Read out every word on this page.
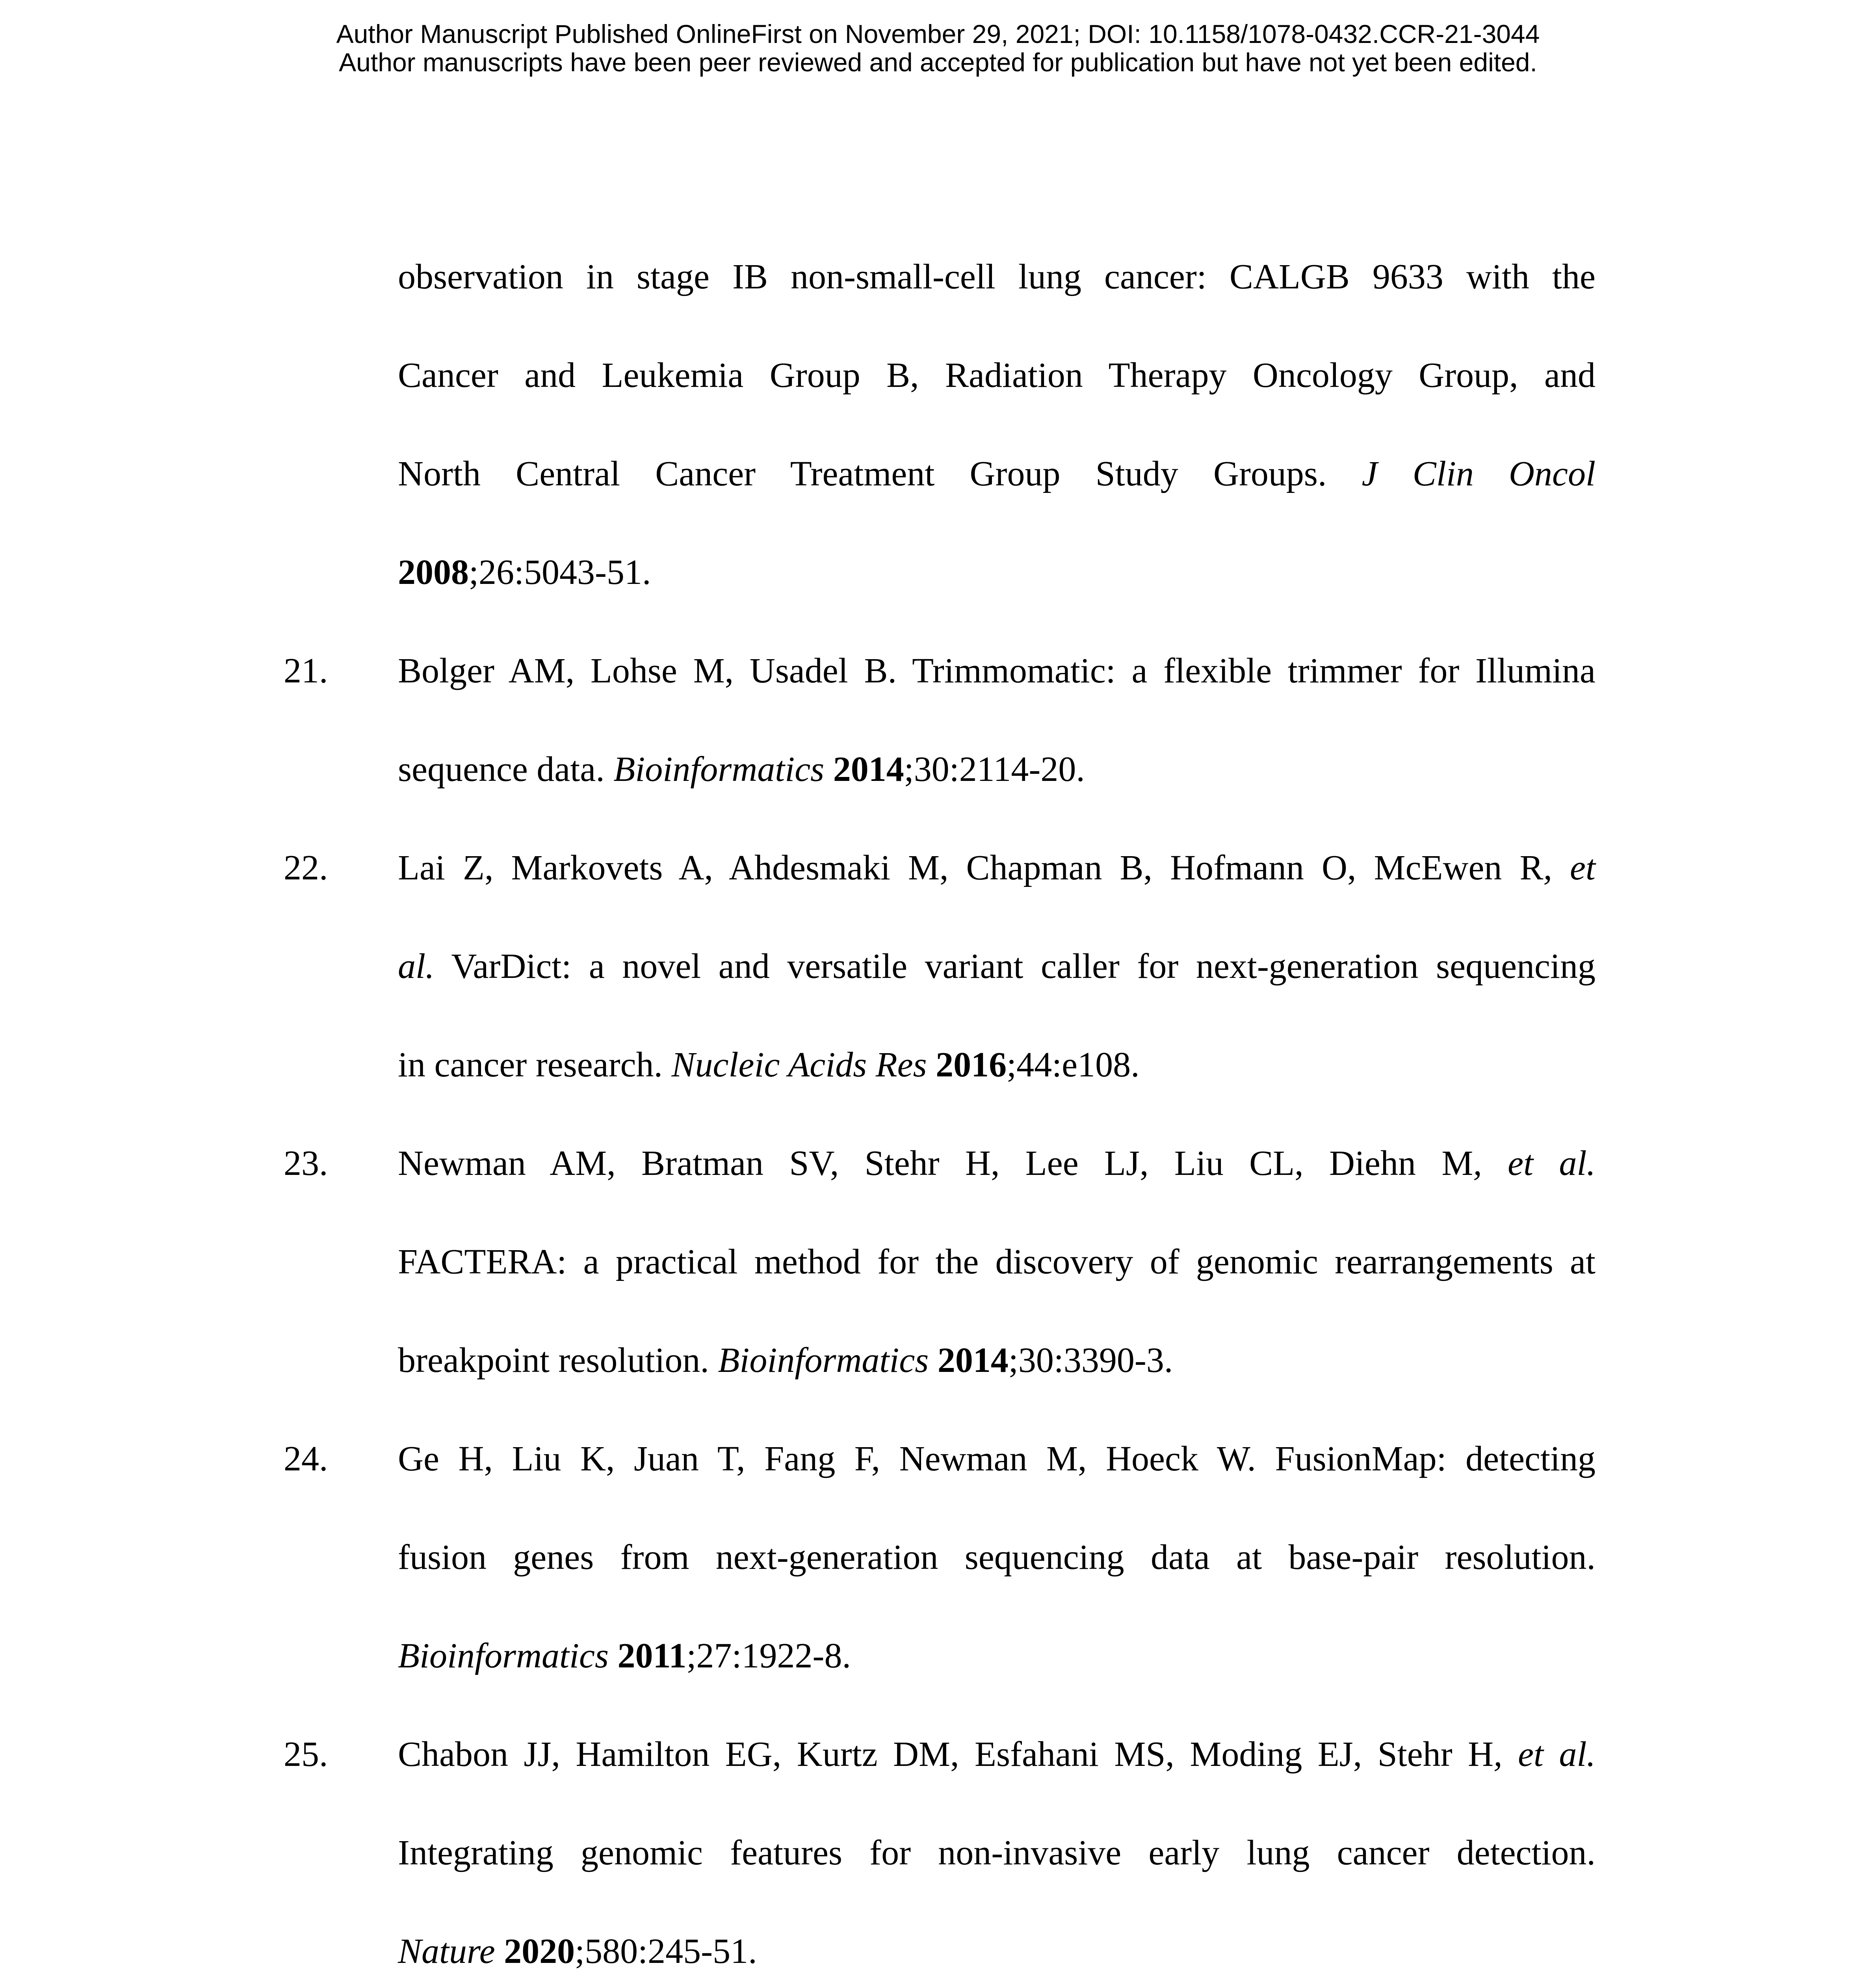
Author Manuscript Published OnlineFirst on November 29, 2021; DOI: 10.1158/1078-0432.CCR-21-3044
Author manuscripts have been peer reviewed and accepted for publication but have not yet been edited.
observation in stage IB non-small-cell lung cancer: CALGB 9633 with the
Cancer and Leukemia Group B, Radiation Therapy Oncology Group, and
North Central Cancer Treatment Group Study Groups. J Clin Oncol
2008;26:5043-51.
21. Bolger AM, Lohse M, Usadel B. Trimmomatic: a flexible trimmer for Illumina
sequence data. Bioinformatics 2014;30:2114-20.
22. Lai Z, Markovets A, Ahdesmaki M, Chapman B, Hofmann O, McEwen R, et
al. VarDict: a novel and versatile variant caller for next-generation sequencing
in cancer research. Nucleic Acids Res 2016;44:e108.
23. Newman AM, Bratman SV, Stehr H, Lee LJ, Liu CL, Diehn M, et al.
FACTERA: a practical method for the discovery of genomic rearrangements at
breakpoint resolution. Bioinformatics 2014;30:3390-3.
24. Ge H, Liu K, Juan T, Fang F, Newman M, Hoeck W. FusionMap: detecting
fusion genes from next-generation sequencing data at base-pair resolution.
Bioinformatics 2011;27:1922-8.
25. Chabon JJ, Hamilton EG, Kurtz DM, Esfahani MS, Moding EJ, Stehr H, et al.
Integrating genomic features for non-invasive early lung cancer detection.
Nature 2020;580:245-51.
